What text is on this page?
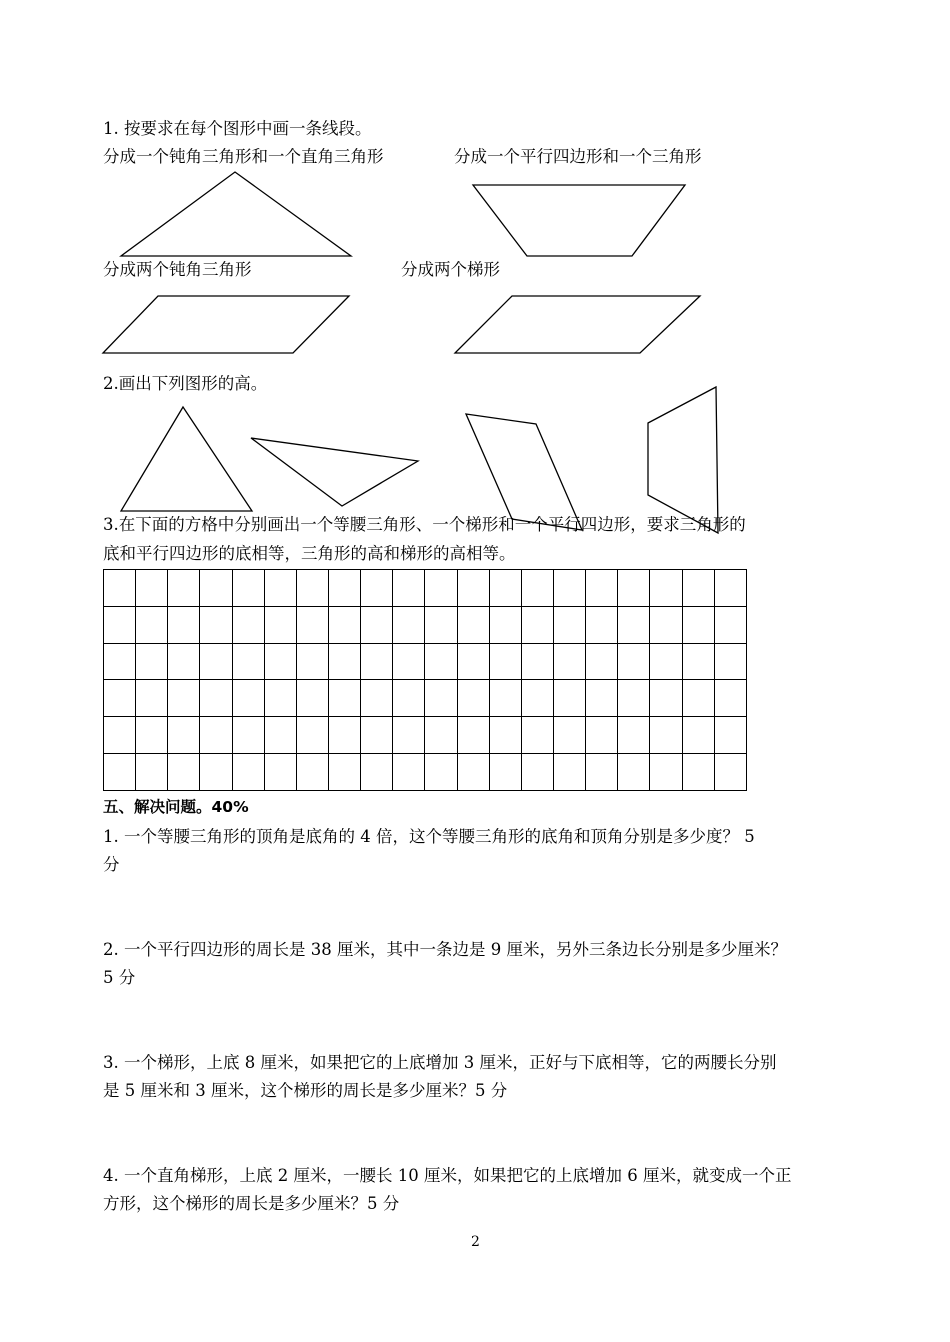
1. 按要求在每个图形中画一条线段。
分成一个钝角三角形和一个直角三角形	分成一个平行四边形和一个三角形
分成两个钝角三角形	分成两个梯形
2.画出下列图形的高。
3.在下面的方格中分别画出一个等腰三角形、一个梯形和一个平行四边形，要求三角形的
底和平行四边形的底相等，三角形的高和梯形的高相等。

五、解决问题。40%
1. 一个等腰三角形的顶角是底角的 4 倍，这个等腰三角形的底角和顶角分别是多少度？ 5
分
2. 一个平行四边形的周长是 38 厘米，其中一条边是 9 厘米，另外三条边长分别是多少厘米？
5 分
3. 一个梯形，上底 8 厘米，如果把它的上底增加 3 厘米，正好与下底相等，它的两腰长分别
是 5 厘米和 3 厘米，这个梯形的周长是多少厘米？5 分
4. 一个直角梯形，上底 2 厘米，一腰长 10 厘米，如果把它的上底增加 6 厘米，就变成一个正
方形，这个梯形的周长是多少厘米？5 分
2
